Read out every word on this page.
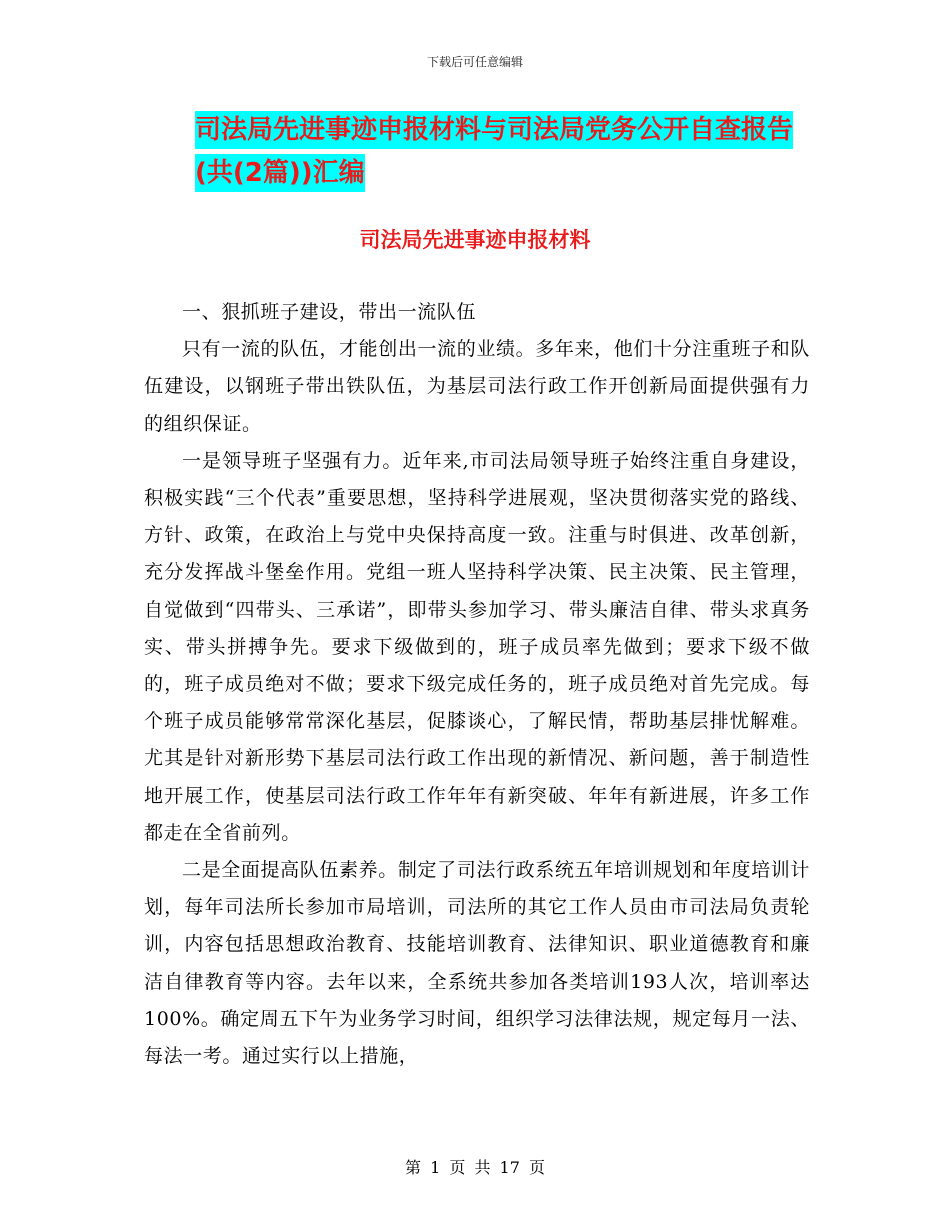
下载后可任意编辑
司法局先进事迹申报材料与司法局党务公开自查报告
(共(2篇))汇编
司法局先进事迹申报材料

一、狠抓班子建设，带出一流队伍

只有一流的队伍，才能创出一流的业绩。多年来，他们十分注重班子和队伍建设，以钢班子带出铁队伍，为基层司法行政工作开创新局面提供强有力的组织保证。

一是领导班子坚强有力。近年来,市司法局领导班子始终注重自身建设，积极实践“三个代表”重要思想，坚持科学进展观，坚决贯彻落实党的路线、方针、政策，在政治上与党中央保持高度一致。注重与时俱进、改革创新，充分发挥战斗堡垒作用。党组一班人坚持科学决策、民主决策、民主管理，自觉做到“四带头、三承诺”，即带头参加学习、带头廉洁自律、带头求真务实、带头拼搏争先。要求下级做到的，班子成员率先做到；要求下级不做的，班子成员绝对不做；要求下级完成任务的，班子成员绝对首先完成。每个班子成员能够常常深化基层，促膝谈心，了解民情，帮助基层排忧解难。尤其是针对新形势下基层司法行政工作出现的新情况、新问题，善于制造性地开展工作，使基层司法行政工作年年有新突破、年年有新进展，许多工作都走在全省前列。

二是全面提高队伍素养。制定了司法行政系统五年培训规划和年度培训计划，每年司法所长参加市局培训，司法所的其它工作人员由市司法局负责轮训，内容包括思想政治教育、技能培训教育、法律知识、职业道德教育和廉洁自律教育等内容。去年以来，全系统共参加各类培训193人次，培训率达100%。确定周五下午为业务学习时间，组织学习法律法规，规定每月一法、每法一考。通过实行以上措施，

第 1 页 共 17 页
